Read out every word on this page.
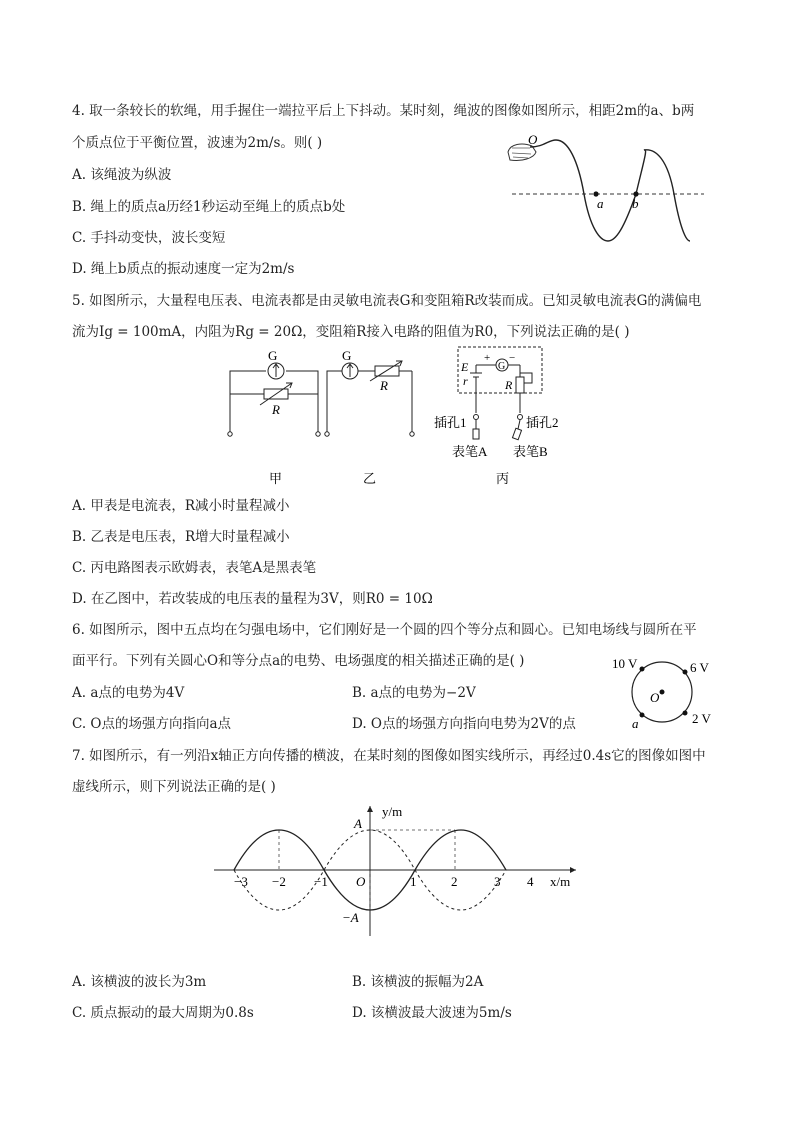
4. 取一条较长的软绳，用手握住一端拉平后上下抖动。某时刻，绳波的图像如图所示，相距2m的a、b两
个质点位于平衡位置，波速为2m/s。则( )
A. 该绳波为纵波
B. 绳上的质点a历经1秒运动至绳上的质点b处
C. 手抖动变快，波长变短
D. 绳上b质点的振动速度一定为2m/s
O
a b
5. 如图所示，大量程电压表、电流表都是由灵敏电流表G和变阻箱R改装而成。已知灵敏电流表G的满偏电
流为Ig = 100mA，内阻为Rg = 20Ω，变阻箱R接入电路的阻值为R0，下列说法正确的是( )
G
R
G
R
G
+ −
E
r	R
插孔1	插孔2
表笔A 表笔B
甲	乙	丙
A. 甲表是电流表，R减小时量程减小
B. 乙表是电压表，R增大时量程减小
C. 丙电路图表示欧姆表，表笔A是黑表笔
D. 在乙图中，若改装成的电压表的量程为3V，则R0 = 10Ω
6. 如图所示，图中五点均在匀强电场中，它们刚好是一个圆的四个等分点和圆心。已知电场线与圆所在平
面平行。下列有关圆心O和等分点a的电势、电场强度的相关描述正确的是( )
A. a点的电势为4V	B. a点的电势为−2V
C. O点的场强方向指向a点	D. O点的场强方向指向电势为2V的点
10 V	6 V
2 V
O
a
7. 如图所示，有一列沿x轴正方向传播的横波，在某时刻的图像如图实线所示，再经过0.4s它的图像如图中
虚线所示，则下列说法正确的是( )
y/m
x/m
A
−A
O
−3 −2 −1	1	2	3 4
A. 该横波的波长为3m	B. 该横波的振幅为2A
C. 质点振动的最大周期为0.8s	D. 该横波最大波速为5m/s
